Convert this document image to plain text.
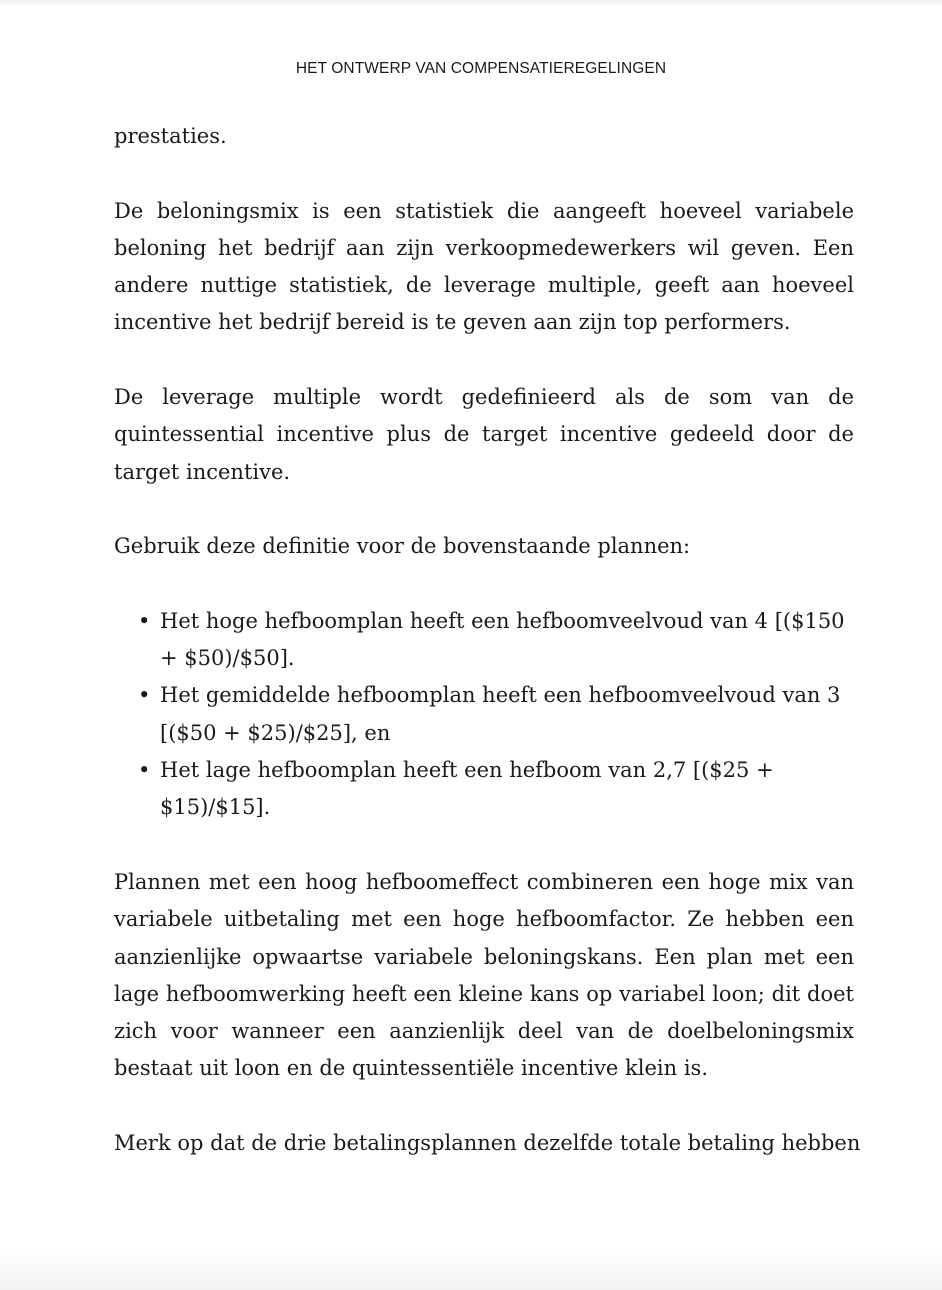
HET ONTWERP VAN COMPENSATIEREGELINGEN

prestaties.

De beloningsmix is een statistiek die aangeeft hoeveel variabele beloning het bedrijf aan zijn verkoopmedewerkers wil geven. Een andere nuttige statistiek, de leverage multiple, geeft aan hoeveel incentive het bedrijf bereid is te geven aan zijn top performers.

De leverage multiple wordt gedefinieerd als de som van de quintessential incentive plus de target incentive gedeeld door de target incentive.

Gebruik deze definitie voor de bovenstaande plannen:

• Het hoge hefboomplan heeft een hefboomveelvoud van 4 [($150 + $50)/$50].
• Het gemiddelde hefboomplan heeft een hefboomveelvoud van 3 [($50 + $25)/$25], en
• Het lage hefboomplan heeft een hefboom van 2,7 [($25 + $15)/$15].

Plannen met een hoog hefboomeffect combineren een hoge mix van variabele uitbetaling met een hoge hefboomfactor. Ze hebben een aanzienlijke opwaartse variabele beloningskans. Een plan met een lage hefboomwerking heeft een kleine kans op variabel loon; dit doet zich voor wanneer een aanzienlijk deel van de doelbeloningsmix bestaat uit loon en de quintessentiële incentive klein is.

Merk op dat de drie betalingsplannen dezelfde totale betaling hebben
